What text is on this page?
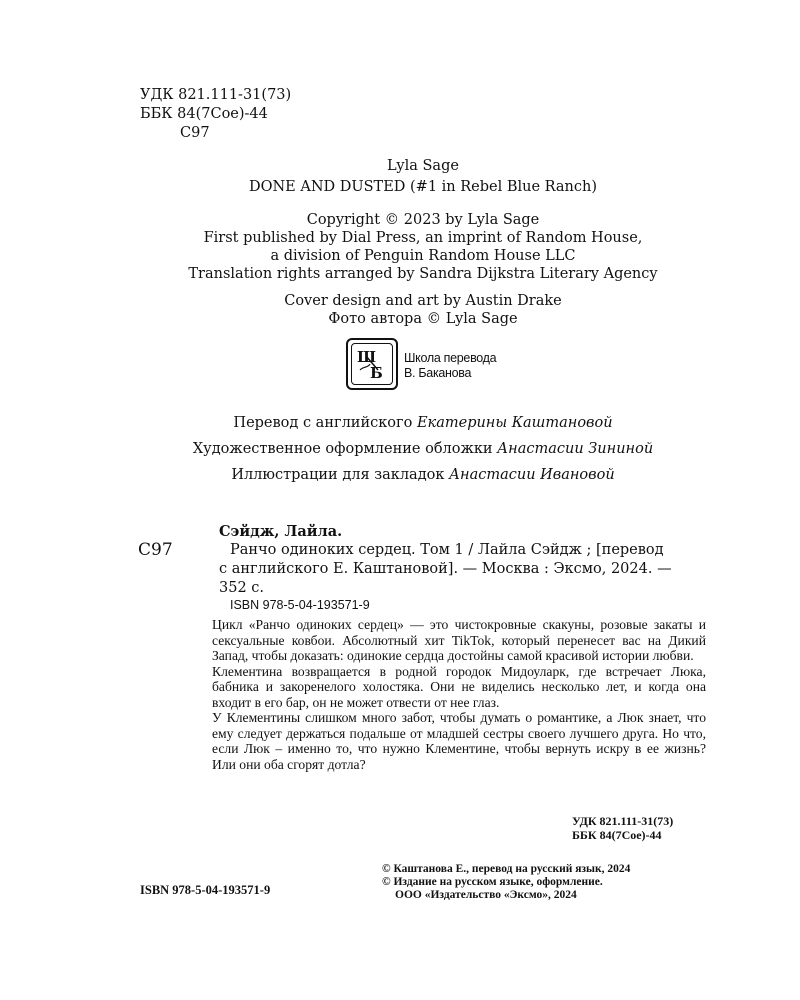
УДК 821.111-31(73)
ББК 84(7Сое)-44
С97
Lyla Sage
DONE AND DUSTED (#1 in Rebel Blue Ranch)
Copyright © 2023 by Lyla Sage
First published by Dial Press, an imprint of Random House,
a division of Penguin Random House LLC
Translation rights arranged by Sandra Dijkstra Literary Agency
Cover design and art by Austin Drake
Фото автора © Lyla Sage
Ш
Б
Школа перевода
В. Баканова
Перевод с английского Екатерины Каштановой
Художественное оформление обложки Анастасии Зининой
Иллюстрации для закладок Анастасии Ивановой
С97
Сэйдж, Лайла.
Ранчо одиноких сердец. Том 1 / Лайла Сэйдж ; [перевод
с английского Е. Каштановой]. — Москва : Эксмо, 2024. —
352 с.
ISBN 978-5-04-193571-9

Цикл «Ранчо одиноких сердец» — это чистокровные скакуны, розовые закаты и сексуальные ковбои. Абсолютный хит TikTok, который перенесет вас на Дикий Запад, чтобы доказать: одинокие сердца достойны самой красивой истории любви.

Клементина возвращается в родной городок Мидоуларк, где встречает Люка, бабника и закоренелого холостяка. Они не виделись несколько лет, и когда она входит в его бар, он не может отвести от нее глаз.

У Клементины слишком много забот, чтобы думать о романтике, а Люк знает, что ему следует держаться подальше от младшей сестры своего лучшего друга. Но что, если Люк – именно то, что нужно Клементине, чтобы вернуть искру в ее жизнь? Или они оба сгорят дотла?

УДК 821.111-31(73)
ББК 84(7Сое)-44
ISBN 978-5-04-193571-9
© Каштанова Е., перевод на русский язык, 2024
© Издание на русском языке, оформление.
ООО «Издательство «Эксмо», 2024
